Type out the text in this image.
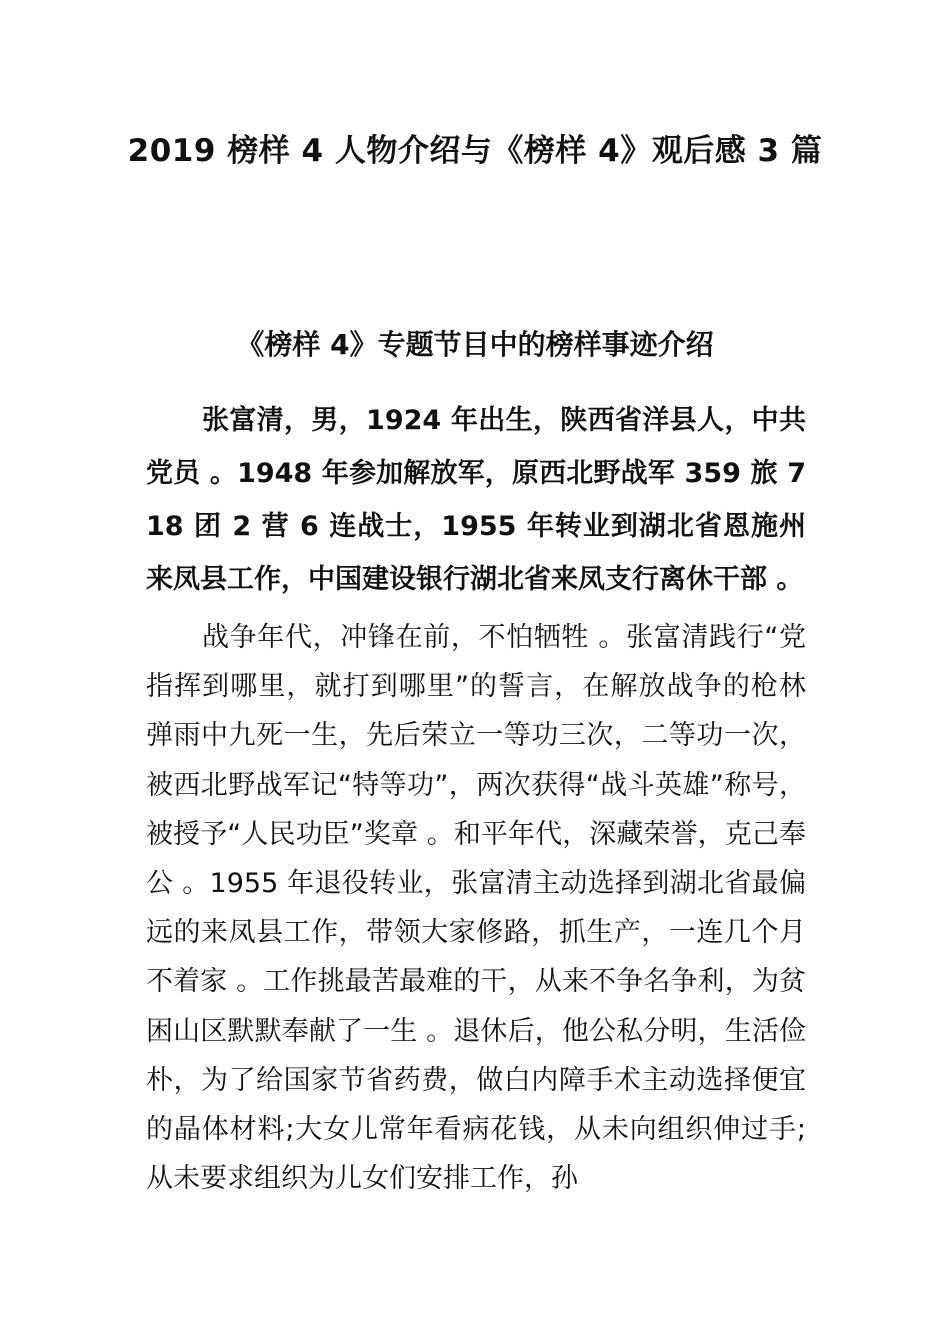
2019 榜样 4 人物介绍与《榜样 4》观后感 3 篇
《榜样 4》专题节目中的榜样事迹介绍

张富清，男，1924 年出生，陕西省洋县人，中共党员 。1948 年参加解放军，原西北野战军 359 旅 718 团 2 营 6 连战士，1955 年转业到湖北省恩施州来凤县工作，中国建设银行湖北省来凤支行离休干部 。

战争年代，冲锋在前，不怕牺牲 。张富清践行“党指挥到哪里，就打到哪里”的誓言，在解放战争的枪林弹雨中九死一生，先后荣立一等功三次，二等功一次，被西北野战军记“特等功”，两次获得“战斗英雄”称号，被授予“人民功臣”奖章 。和平年代，深藏荣誉，克己奉公 。1955 年退役转业，张富清主动选择到湖北省最偏远的来凤县工作，带领大家修路，抓生产，一连几个月不着家 。工作挑最苦最难的干，从来不争名争利，为贫困山区默默奉献了一生 。退休后，他公私分明，生活俭朴，为了给国家节省药费，做白内障手术主动选择便宜的晶体材料;大女儿常年看病花钱，从未向组织伸过手;从未要求组织为儿女们安排工作，孙
